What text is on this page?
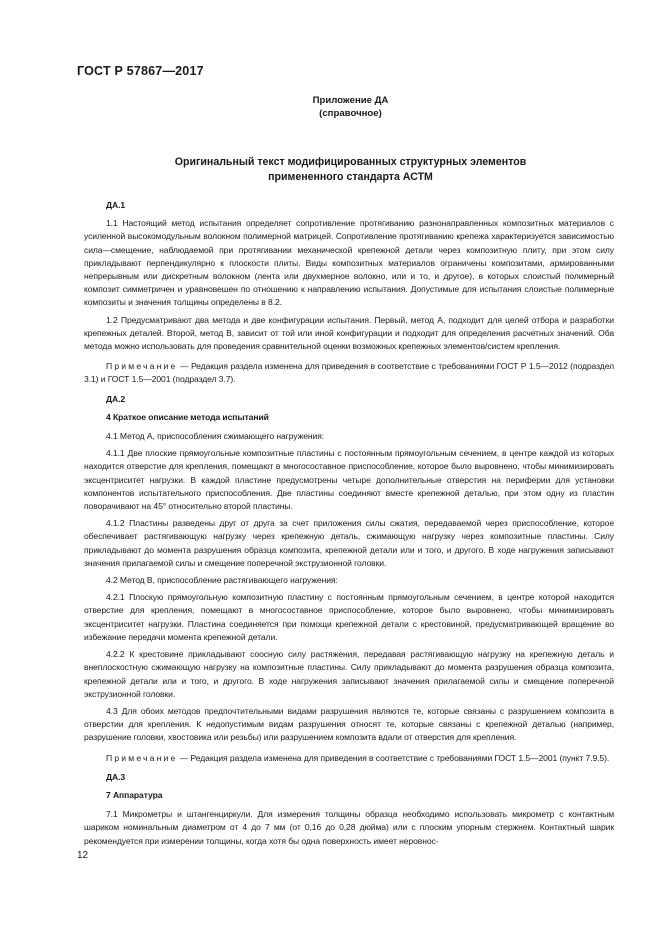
ГОСТ Р 57867—2017
Приложение ДА
(справочное)
Оригинальный текст модифицированных структурных элементов
примененного стандарта АСТМ
ДА.1

1.1 Настоящий метод испытания определяет сопротивление протягиванию разнонаправленных композитных материалов с усиленной высокомодульным волокном полимерной матрицей. Сопротивление протягиванию крепежа характеризуется зависимостью сила—смещение, наблюдаемой при протягивании механической крепежной детали через композитную плиту, при этом силу прикладывают перпендикулярно к плоскости плиты. Виды композитных материалов ограничены композитами, армированными непрерывным или дискретным волокном (лента или двухмерное волокно, или и то, и другое), в которых слоистый полимерный композит симметричен и уравновешен по отношению к направлению испытания. Допустимые для испытания слоистые полимерные композиты и значения толщины определены в 8.2.

1.2 Предусматривают два метода и две конфигурации испытания. Первый, метод А, подходит для целей отбора и разработки крепежных деталей. Второй, метод В, зависит от той или иной конфигурации и подходит для определения расчетных значений. Оба метода можно использовать для проведения сравнительной оценки возможных крепежных элементов/систем крепления.

Примечание — Редакция раздела изменена для приведения в соответствие с требованиями ГОСТ Р 1.5—2012 (подраздел 3.1) и ГОСТ 1.5—2001 (подраздел 3.7).

ДА.2
4 Краткое описание метода испытаний

4.1 Метод А, приспособления сжимающего нагружения:

4.1.1 Две плоские прямоугольные композитные пластины с постоянным прямоугольным сечением, в центре каждой из которых находится отверстие для крепления, помещают в многосоставное приспособление, которое было выровнено, чтобы минимизировать эксцентриситет нагрузки. В каждой пластине предусмотрены четыре дополнительные отверстия на периферии для установки компонентов испытательного приспособления. Две пластины соединяют вместе крепежной деталью, при этом одну из пластин поворачивают на 45° относительно второй пластины.

4.1.2 Пластины разведены друг от друга за счет приложения силы сжатия, передаваемой через приспособление, которое обеспечивает растягивающую нагрузку через крепежную деталь, сжимающую нагрузку через композитные пластины. Силу прикладывают до момента разрушения образца композита, крепежной детали или и того, и другого. В ходе нагружения записывают значения прилагаемой силы и смещение поперечной экструзионной головки.

4.2 Метод В, приспособление растягивающего нагружения:

4.2.1 Плоскую прямоугольную композитную пластину с постоянным прямоугольным сечением, в центре которой находится отверстие для крепления, помещают в многосоставное приспособление, которое было выровнено, чтобы минимизировать эксцентриситет нагрузки. Пластина соединяется при помощи крепежной детали с крестовиной, предусматривающей вращение во избежание передачи момента крепежной детали.

4.2.2 К крестовине прикладывают соосную силу растяжения, передавая растягивающую нагрузку на крепежную деталь и внеплоскостную сжимающую нагрузку на композитные пластины. Силу прикладывают до момента разрушения образца композита, крепежной детали или и того, и другого. В ходе нагружения записывают значения прилагаемой силы и смещение поперечной экструзионной головки.

4.3 Для обоих методов предпочтительными видами разрушения являются те, которые связаны с разрушением композита в отверстии для крепления. К недопустимым видам разрушения относят те, которые связаны с крепежной деталью (например, разрушение головки, хвостовика или резьбы) или разрушением композита вдали от отверстия для крепления.

Примечание — Редакция раздела изменена для приведения в соответствие с требованиями ГОСТ 1.5—2001 (пункт 7.9.5).

ДА.3
7 Аппаратура

7.1 Микрометры и штангенциркули. Для измерения толщины образца необходимо использовать микрометр с контактным шариком номинальным диаметром от 4 до 7 мм (от 0,16 до 0,28 дюйма) или с плоским упорным стержнем. Контактный шарик рекомендуется при измерении толщины, когда хотя бы одна поверхность имеет неровнос-

12
